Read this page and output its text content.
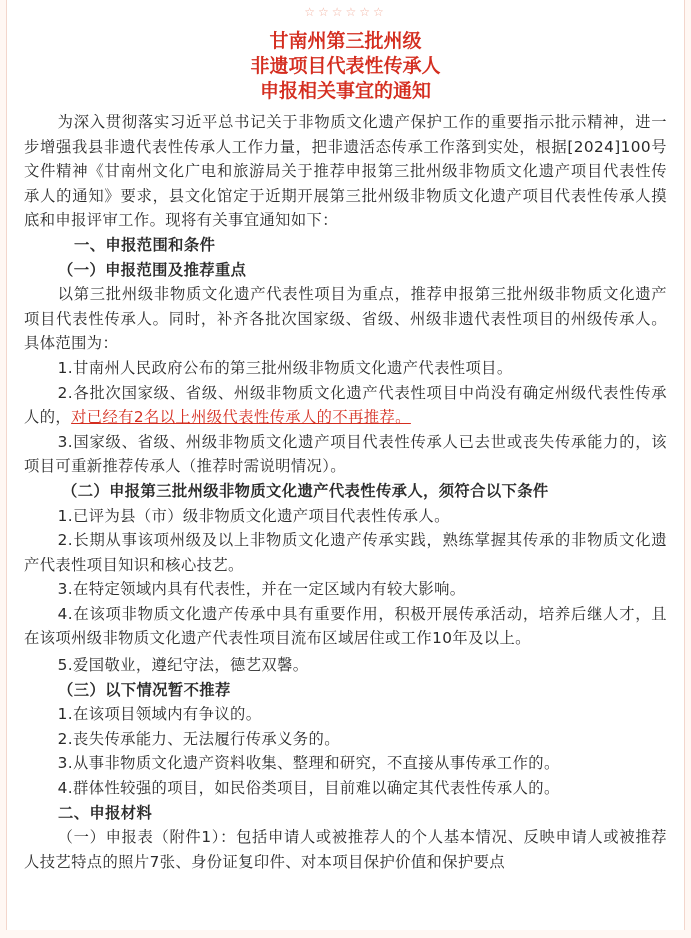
☆☆☆☆☆☆
甘南州第三批州级
非遗项目代表性传承人
申报相关事宜的通知

为深入贯彻落实习近平总书记关于非物质文化遗产保护工作的重要指示批示精神，进一步增强我县非遗代表性传承人工作力量，把非遗活态传承工作落到实处，根据[2024]100号文件精神《甘南州文化广电和旅游局关于推荐申报第三批州级非物质文化遗产项目代表性传承人的通知》要求，县文化馆定于近期开展第三批州级非物质文化遗产项目代表性传承人摸底和申报评审工作。现将有关事宜通知如下：

一、申报范围和条件

（一）申报范围及推荐重点

以第三批州级非物质文化遗产代表性项目为重点，推荐申报第三批州级非物质文化遗产项目代表性传承人。同时，补齐各批次国家级、省级、州级非遗代表性项目的州级传承人。具体范围为：

1.甘南州人民政府公布的第三批州级非物质文化遗产代表性项目。

2.各批次国家级、省级、州级非物质文化遗产代表性项目中尚没有确定州级代表性传承人的，对已经有2名以上州级代表性传承人的不再推荐。

3.国家级、省级、州级非物质文化遗产项目代表性传承人已去世或丧失传承能力的，该项目可重新推荐传承人（推荐时需说明情况）。

（二）申报第三批州级非物质文化遗产代表性传承人，须符合以下条件

1.已评为县（市）级非物质文化遗产项目代表性传承人。

2.长期从事该项州级及以上非物质文化遗产传承实践，熟练掌握其传承的非物质文化遗产代表性项目知识和核心技艺。

3.在特定领域内具有代表性，并在一定区域内有较大影响。

4.在该项非物质文化遗产传承中具有重要作用，积极开展传承活动，培养后继人才，且在该项州级非物质文化遗产代表性项目流布区域居住或工作10年及以上。

5.爱国敬业，遵纪守法，德艺双馨。

（三）以下情况暂不推荐

1.在该项目领域内有争议的。

2.丧失传承能力、无法履行传承义务的。

3.从事非物质文化遗产资料收集、整理和研究，不直接从事传承工作的。

4.群体性较强的项目，如民俗类项目，目前难以确定其代表性传承人的。

二、申报材料

（一）申报表（附件1）：包括申请人或被推荐人的个人基本情况、反映申请人或被推荐人技艺特点的照片7张、身份证复印件、对本项目保护价值和保护要点
